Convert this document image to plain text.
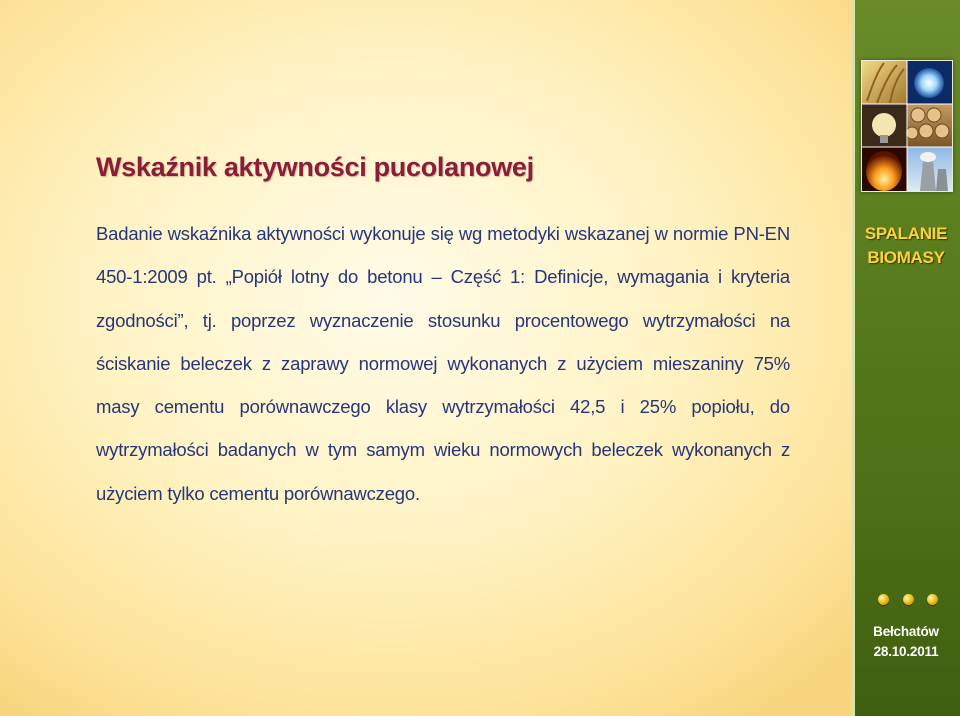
Wskaźnik aktywności pucolanowej

Badanie wskaźnika aktywności wykonuje się wg metodyki wskazanej w normie PN-EN 450-1:2009 pt. „Popiół lotny do betonu – Część 1: Definicje, wymagania i kryteria zgodności”, tj. poprzez wyznaczenie stosunku procentowego wytrzymałości na ściskanie beleczek z zaprawy normowej wykonanych z użyciem mieszaniny 75% masy cementu porównawczego klasy wytrzymałości 42,5 i 25% popiołu, do wytrzymałości badanych w tym samym wieku normowych beleczek wykonanych z użyciem tylko cementu porównawczego.

SPALANIE
BIOMASY
Bełchatów
28.10.2011
